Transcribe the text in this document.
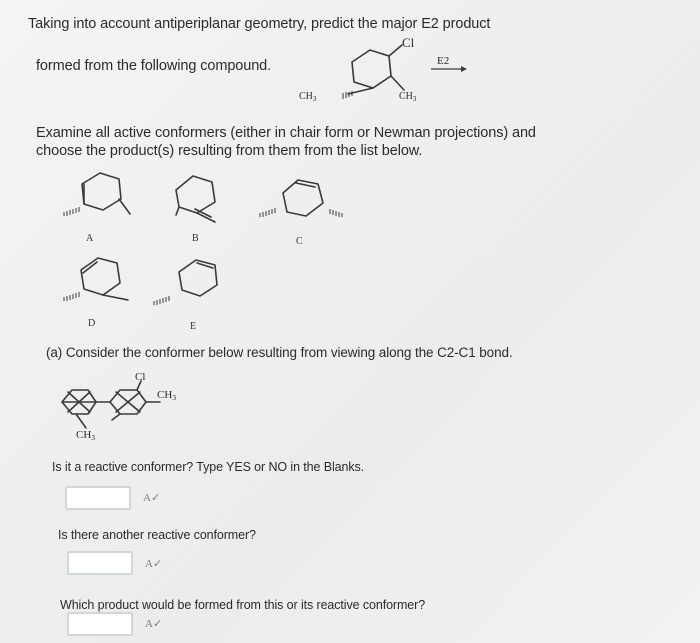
Taking into account antiperiplanar geometry, predict the major E2 product
formed from the following compound.
Cl
$CH_3$	$CH_3$
E2
Examine all active conformers (either in chair form or Newman projections) and
choose the product(s) resulting from them from the list below.
A	B	C
D	E
(a) Consider the conformer below resulting from viewing along the C2-C1 bond.
Cl
CH3
CH3
Is it a reactive conformer? Type YES or NO in the Blanks.
A✓
Is there another reactive conformer?
A✓
Which product would be formed from this or its reactive conformer?
A✓
